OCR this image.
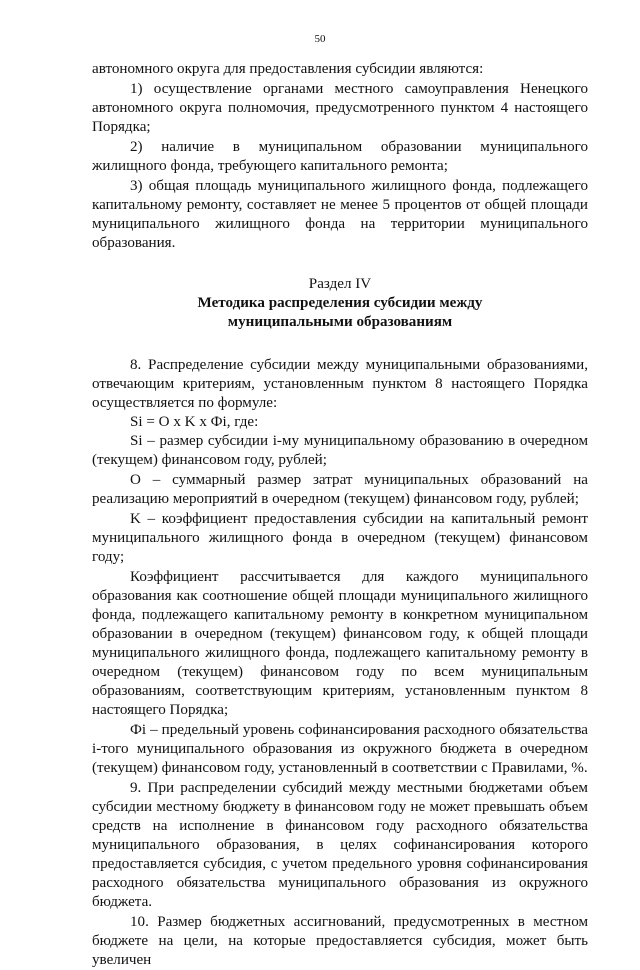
50

автономного округа для предоставления субсидии являются:

1) осуществление органами местного самоуправления Ненецкого автономного округа полномочия, предусмотренного пунктом 4 настоящего Порядка;

2) наличие в муниципальном образовании муниципального жилищного фонда, требующего капитального ремонта;

3) общая площадь муниципального жилищного фонда, подлежащего капитальному ремонту, составляет не менее 5 процентов от общей площади муниципального жилищного фонда на территории муниципального образования.

Раздел IV
Методика распределения субсидии между
муниципальными образованиям

8. Распределение субсидии между муниципальными образованиями, отвечающим критериям, установленным пунктом 8 настоящего Порядка осуществляется по формуле:

Si = O x K x Фi, где:

Si – размер субсидии i-му муниципальному образованию в очередном (текущем) финансовом году, рублей;

О – суммарный размер затрат муниципальных образований на реализацию мероприятий в очередном (текущем) финансовом году, рублей;

K – коэффициент предоставления субсидии на капитальный ремонт муниципального жилищного фонда в очередном (текущем) финансовом году;

Коэффициент рассчитывается для каждого муниципального образования как соотношение общей площади муниципального жилищного фонда, подлежащего капитальному ремонту в конкретном муниципальном образовании в очередном (текущем) финансовом году, к общей площади муниципального жилищного фонда, подлежащего капитальному ремонту в очередном (текущем) финансовом году по всем муниципальным образованиям, соответствующим критериям, установленным пунктом 8 настоящего Порядка;

Фi – предельный уровень софинансирования расходного обязательства i-того муниципального образования из окружного бюджета в очередном (текущем) финансовом году, установленный в соответствии с Правилами, %.

9. При распределении субсидий между местными бюджетами объем субсидии местному бюджету в финансовом году не может превышать объем средств на исполнение в финансовом году расходного обязательства муниципального образования, в целях софинансирования которого предоставляется субсидия, с учетом предельного уровня софинансирования расходного обязательства муниципального образования из окружного бюджета.

10. Размер бюджетных ассигнований, предусмотренных в местном бюджете на цели, на которые предоставляется субсидия, может быть увеличен
